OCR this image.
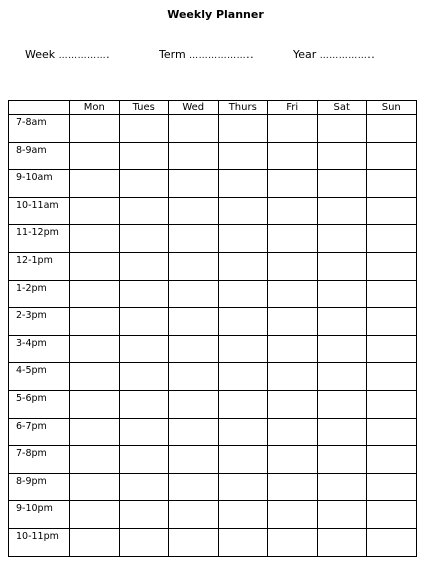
Weekly Planner
Week …………….	Term ………………..	Year ……………..
	Mon	Tues	Wed	Thurs	Fri	Sat	Sun
7-8am							
8-9am							
9-10am							
10-11am							
11-12pm							
12-1pm							
1-2pm							
2-3pm							
3-4pm							
4-5pm							
5-6pm							
6-7pm							
7-8pm							
8-9pm							
9-10pm							
10-11pm							
